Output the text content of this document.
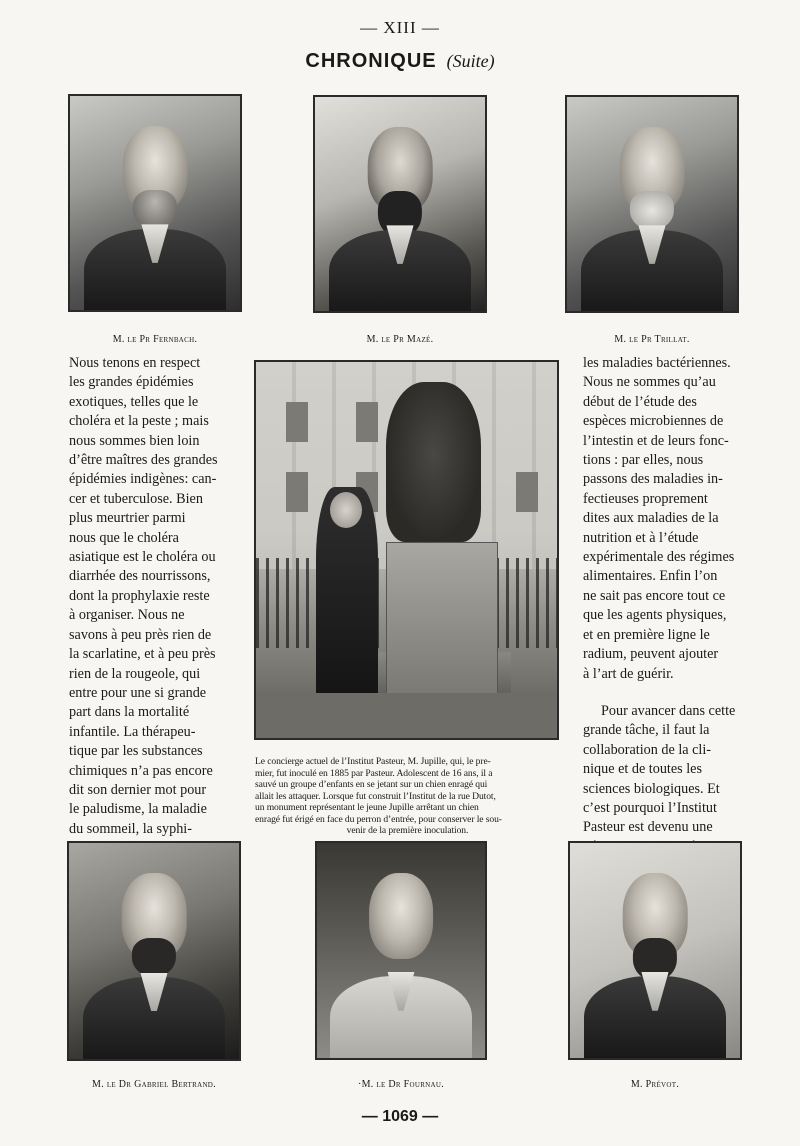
— XIII —
CHRONIQUE (Suite)
M. le Pr Fernbach.	M. le Pr Mazé.	M. le Pr Trillat.

Nous tenons en respect
les grandes épidémies
exotiques, telles que le
choléra et la peste ; mais
nous sommes bien loin
d’être maîtres des grandes
épidémies indigènes: can-
cer et tuberculose. Bien
plus meurtrier parmi
nous que le choléra
asiatique est le choléra ou
diarrhée des nourrissons,
dont la prophylaxie reste
à organiser. Nous ne
savons à peu près rien de
la scarlatine, et à peu près
rien de la rougeole, qui
entre pour une si grande
part dans la mortalité
infantile. La thérapeu-
tique par les substances
chimiques n’a pas encore
dit son dernier mot pour
le paludisme, la maladie
du sommeil, la syphi-

Le concierge actuel de l’Institut Pasteur, M. Jupille, qui, le pre-
mier, fut inoculé en 1885 par Pasteur. Adolescent de 16 ans, il a
sauvé un groupe d’enfants en se jetant sur un chien enragé qui
allait les attaquer. Lorsque fut construit l’Institut de la rue Dutot,
un monument représentant le jeune Jupille arrêtant un chien
enragé fut érigé en face du perron d’entrée, pour conserver le sou-
venir de la première inoculation.

les maladies bactériennes.
Nous ne sommes qu’au
début de l’étude des
espèces microbiennes de
l’intestin et de leurs fonc-
tions : par elles, nous
passons des maladies in-
fectieuses proprement
dites aux maladies de la
nutrition et à l’étude
expérimentale des régimes
alimentaires. Enfin l’on
ne sait pas encore tout ce
que les agents physiques,
et en première ligne le
radium, peuvent ajouter
à l’art de guérir.

Pour avancer dans cette
grande tâche, il faut la
collaboration de la cli-
nique et de toutes les
sciences biologiques. Et
c’est pourquoi l’Institut
Pasteur est devenu une

M. le Dr Gabriel Bertrand.	·M. le Dr Fournau.	M. Prévot.
— 1069 —
